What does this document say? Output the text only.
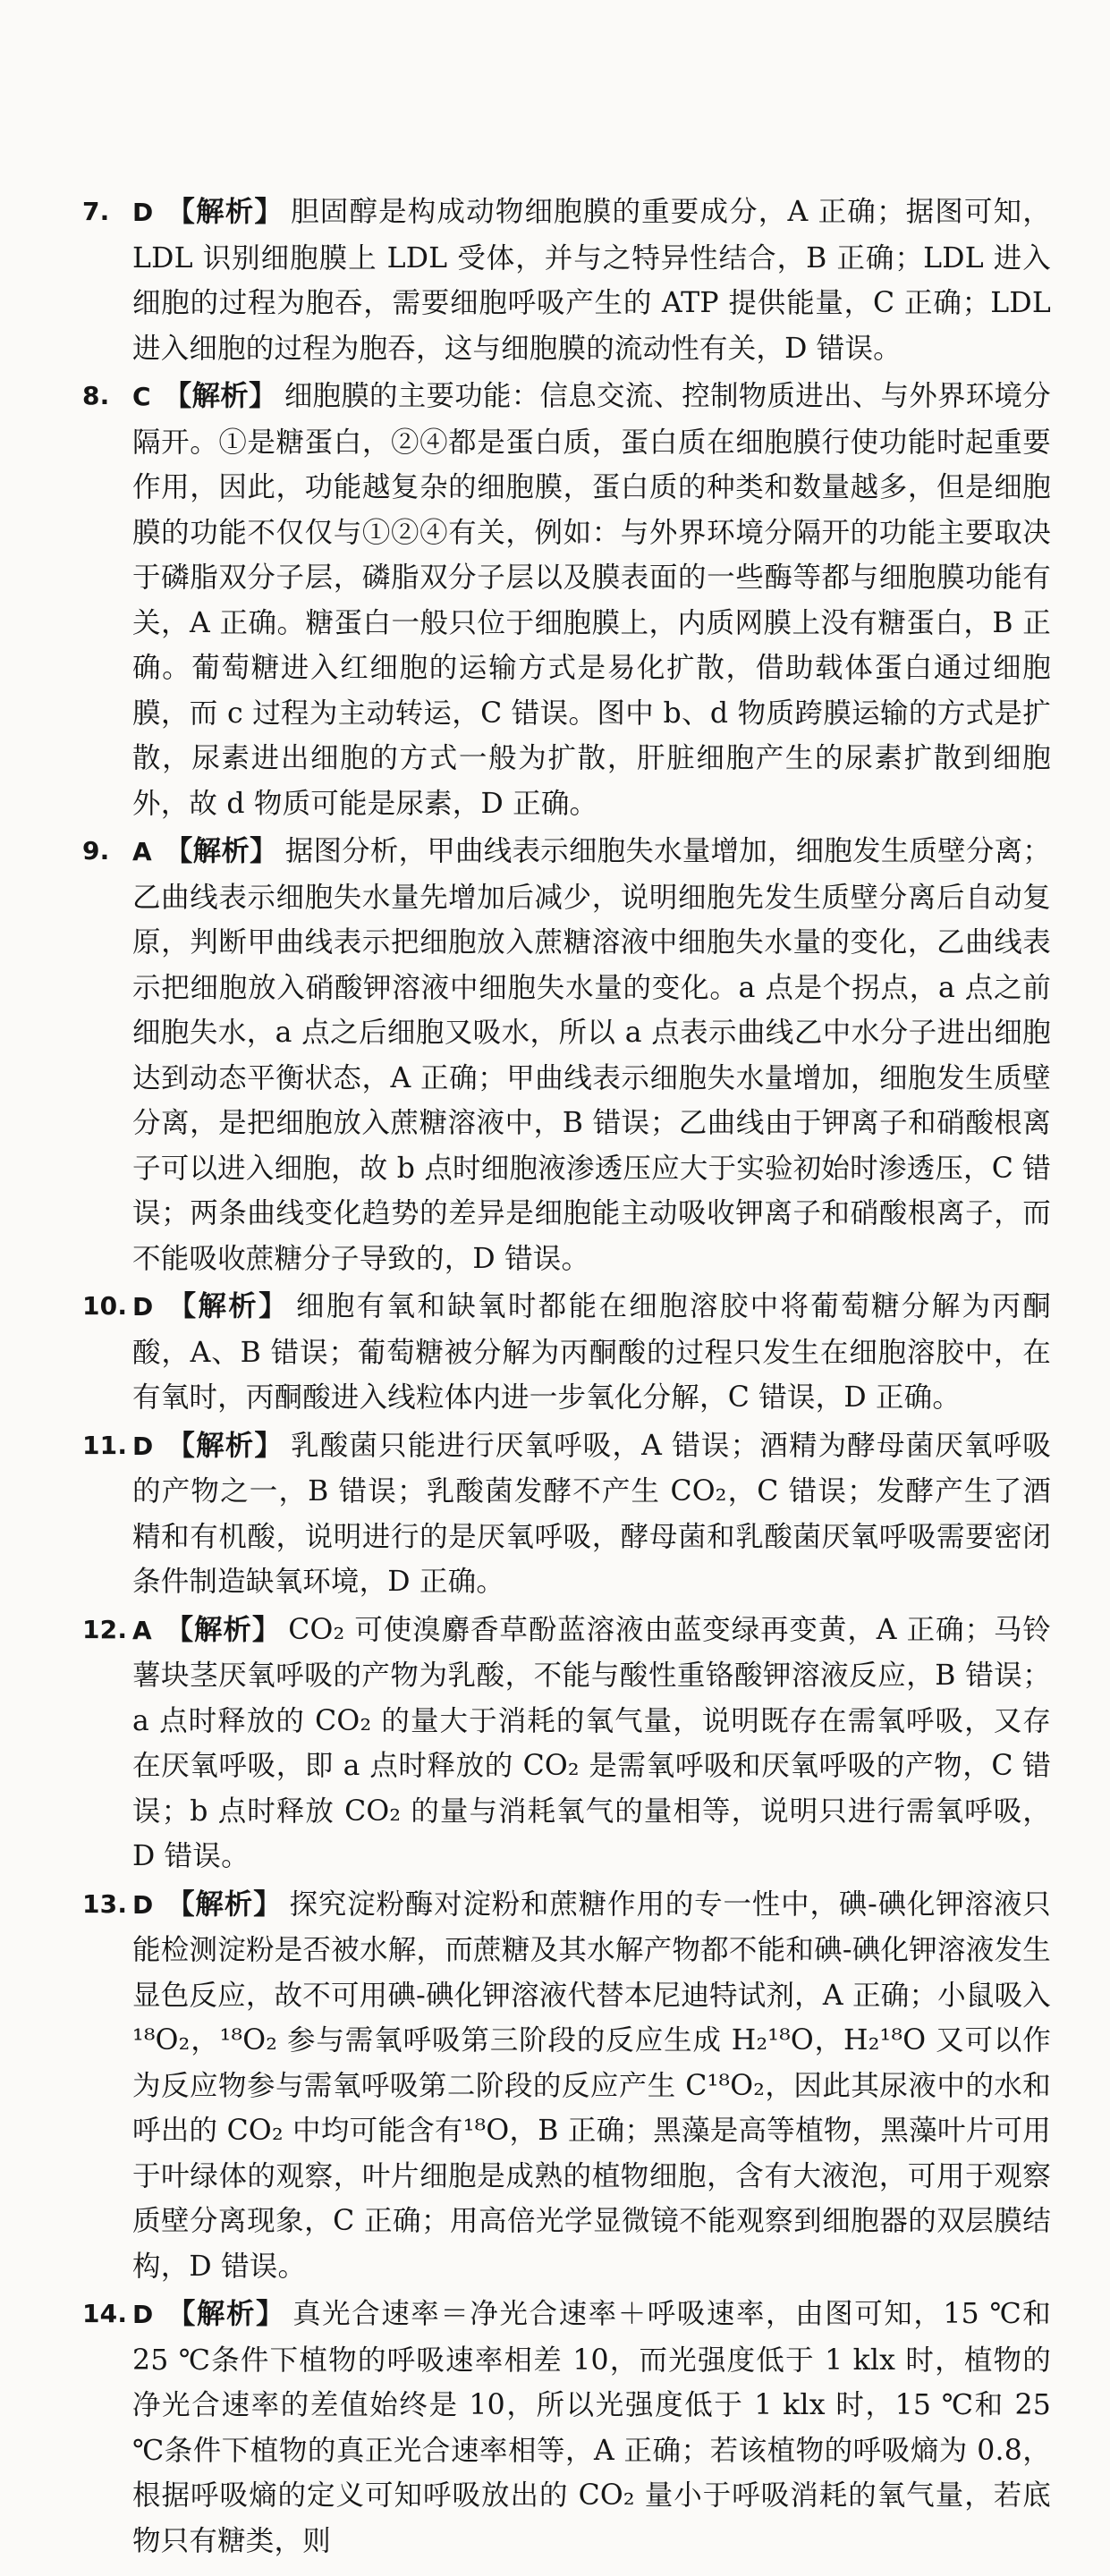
7. D 【解析】 胆固醇是构成动物细胞膜的重要成分，A 正确；据图可知，LDL 识别细胞膜上 LDL 受体，并与之特异性结合，B 正确；LDL 进入细胞的过程为胞吞，需要细胞呼吸产生的 ATP 提供能量，C 正确；LDL 进入细胞的过程为胞吞，这与细胞膜的流动性有关，D 错误。
8. C 【解析】 细胞膜的主要功能：信息交流、控制物质进出、与外界环境分隔开。①是糖蛋白，②④都是蛋白质，蛋白质在细胞膜行使功能时起重要作用，因此，功能越复杂的细胞膜，蛋白质的种类和数量越多，但是细胞膜的功能不仅仅与①②④有关，例如：与外界环境分隔开的功能主要取决于磷脂双分子层，磷脂双分子层以及膜表面的一些酶等都与细胞膜功能有关，A 正确。糖蛋白一般只位于细胞膜上，内质网膜上没有糖蛋白，B 正确。葡萄糖进入红细胞的运输方式是易化扩散，借助载体蛋白通过细胞膜，而 c 过程为主动转运，C 错误。图中 b、d 物质跨膜运输的方式是扩散，尿素进出细胞的方式一般为扩散，肝脏细胞产生的尿素扩散到细胞外，故 d 物质可能是尿素，D 正确。
9. A 【解析】 据图分析，甲曲线表示细胞失水量增加，细胞发生质壁分离；乙曲线表示细胞失水量先增加后减少，说明细胞先发生质壁分离后自动复原，判断甲曲线表示把细胞放入蔗糖溶液中细胞失水量的变化，乙曲线表示把细胞放入硝酸钾溶液中细胞失水量的变化。a 点是个拐点，a 点之前细胞失水，a 点之后细胞又吸水，所以 a 点表示曲线乙中水分子进出细胞达到动态平衡状态，A 正确；甲曲线表示细胞失水量增加，细胞发生质壁分离，是把细胞放入蔗糖溶液中，B 错误；乙曲线由于钾离子和硝酸根离子可以进入细胞，故 b 点时细胞液渗透压应大于实验初始时渗透压，C 错误；两条曲线变化趋势的差异是细胞能主动吸收钾离子和硝酸根离子，而不能吸收蔗糖分子导致的，D 错误。
10. D 【解析】 细胞有氧和缺氧时都能在细胞溶胶中将葡萄糖分解为丙酮酸，A、B 错误；葡萄糖被分解为丙酮酸的过程只发生在细胞溶胶中，在有氧时，丙酮酸进入线粒体内进一步氧化分解，C 错误，D 正确。
11. D 【解析】 乳酸菌只能进行厌氧呼吸，A 错误；酒精为酵母菌厌氧呼吸的产物之一，B 错误；乳酸菌发酵不产生 CO₂，C 错误；发酵产生了酒精和有机酸，说明进行的是厌氧呼吸，酵母菌和乳酸菌厌氧呼吸需要密闭条件制造缺氧环境，D 正确。
12. A 【解析】 CO₂ 可使溴麝香草酚蓝溶液由蓝变绿再变黄，A 正确；马铃薯块茎厌氧呼吸的产物为乳酸，不能与酸性重铬酸钾溶液反应，B 错误；a 点时释放的 CO₂ 的量大于消耗的氧气量，说明既存在需氧呼吸，又存在厌氧呼吸，即 a 点时释放的 CO₂ 是需氧呼吸和厌氧呼吸的产物，C 错误；b 点时释放 CO₂ 的量与消耗氧气的量相等，说明只进行需氧呼吸，D 错误。
13. D 【解析】 探究淀粉酶对淀粉和蔗糖作用的专一性中，碘-碘化钾溶液只能检测淀粉是否被水解，而蔗糖及其水解产物都不能和碘-碘化钾溶液发生显色反应，故不可用碘-碘化钾溶液代替本尼迪特试剂，A 正确；小鼠吸入 ¹⁸O₂，¹⁸O₂ 参与需氧呼吸第三阶段的反应生成 H₂¹⁸O，H₂¹⁸O 又可以作为反应物参与需氧呼吸第二阶段的反应产生 C¹⁸O₂，因此其尿液中的水和呼出的 CO₂ 中均可能含有¹⁸O，B 正确；黑藻是高等植物，黑藻叶片可用于叶绿体的观察，叶片细胞是成熟的植物细胞，含有大液泡，可用于观察质壁分离现象，C 正确；用高倍光学显微镜不能观察到细胞器的双层膜结构，D 错误。
14. D 【解析】 真光合速率＝净光合速率＋呼吸速率，由图可知，15 ℃和 25 ℃条件下植物的呼吸速率相差 10，而光强度低于 1 klx 时，植物的净光合速率的差值始终是 10，所以光强度低于 1 klx 时，15 ℃和 25 ℃条件下植物的真正光合速率相等，A 正确；若该植物的呼吸熵为 0.8，根据呼吸熵的定义可知呼吸放出的 CO₂ 量小于呼吸消耗的氧气量，若底物只有糖类，则
